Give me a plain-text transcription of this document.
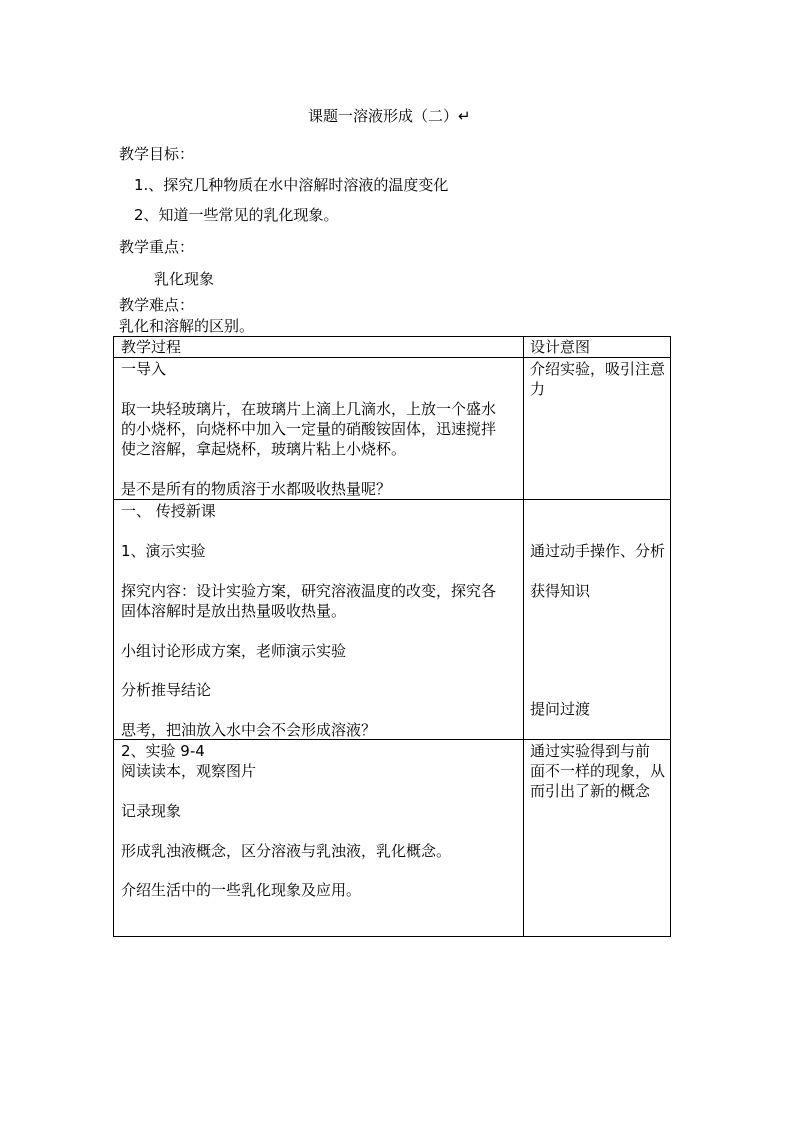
课题一溶液形成（二）↵
教学目标：
1.、探究几种物质在水中溶解时溶液的温度变化
2、知道一些常见的乳化现象。
教学重点：
乳化现象
教学难点：
乳化和溶解的区别。
教学过程	设计意图
一导入
取一块轻玻璃片，在玻璃片上滴上几滴水，上放一个盛水
的小烧杯，向烧杯中加入一定量的硝酸铵固体，迅速搅拌
使之溶解，拿起烧杯，玻璃片粘上小烧杯。
是不是所有的物质溶于水都吸收热量呢？
介绍实验，吸引注意
力
一、 传授新课
1、演示实验
探究内容：设计实验方案，研究溶液温度的改变，探究各
固体溶解时是放出热量吸收热量。
小组讨论形成方案，老师演示实验
分析推导结论
思考，把油放入水中会不会形成溶液？
通过动手操作、分析
获得知识
提问过渡
2、实验 9-4
阅读读本，观察图片
记录现象
形成乳浊液概念，区分溶液与乳浊液，乳化概念。
介绍生活中的一些乳化现象及应用。
通过实验得到与前
面不一样的现象，从
而引出了新的概念
